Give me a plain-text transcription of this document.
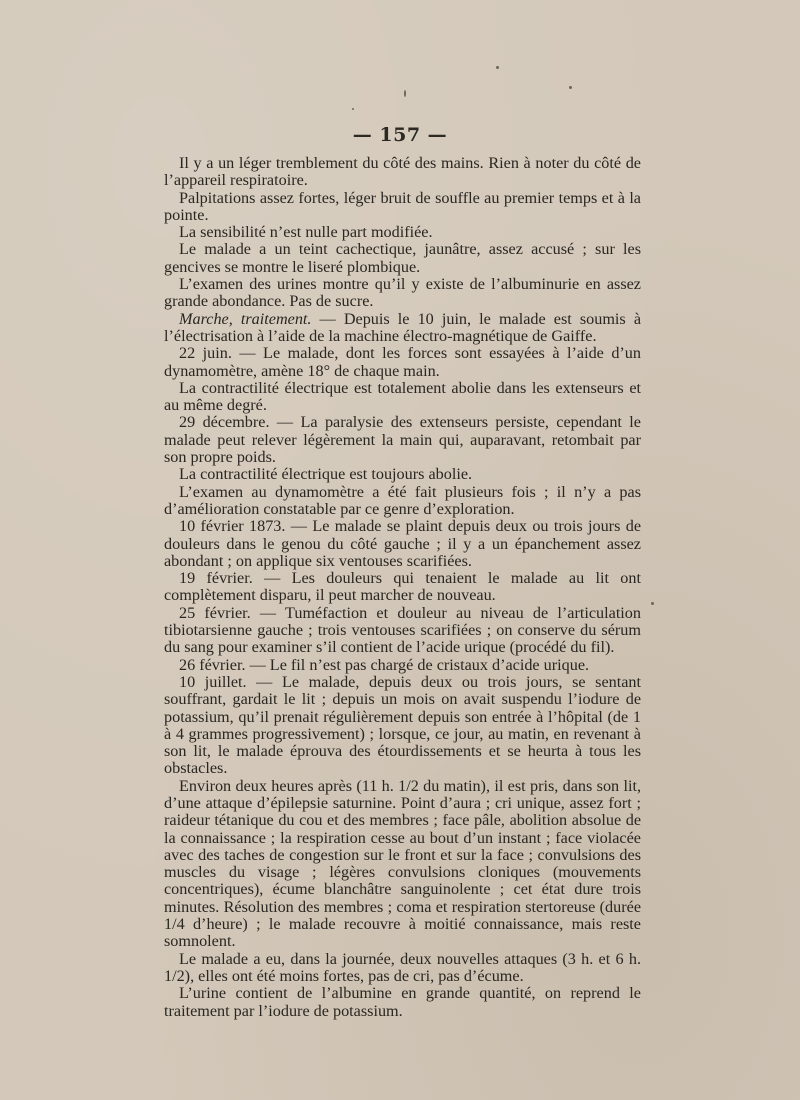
— 157 —

Il y a un léger tremblement du côté des mains. Rien à noter du côté de l’appareil respiratoire.

Palpitations assez fortes, léger bruit de souffle au premier temps et à la pointe.

La sensibilité n’est nulle part modifiée.

Le malade a un teint cachectique, jaunâtre, assez accusé ; sur les gencives se montre le liseré plombique.

L’examen des urines montre qu’il y existe de l’albuminurie en assez grande abondance. Pas de sucre.

Marche, traitement. — Depuis le 10 juin, le malade est soumis à l’électrisation à l’aide de la machine électro-magnétique de Gaiffe.

22 juin. — Le malade, dont les forces sont essayées à l’aide d’un dynamomètre, amène 18° de chaque main.

La contractilité électrique est totalement abolie dans les extenseurs et au même degré.

29 décembre. — La paralysie des extenseurs persiste, cependant le malade peut relever légèrement la main qui, auparavant, retombait par son propre poids.

La contractilité électrique est toujours abolie.

L’examen au dynamomètre a été fait plusieurs fois ; il n’y a pas d’amélioration constatable par ce genre d’exploration.

10 février 1873. — Le malade se plaint depuis deux ou trois jours de douleurs dans le genou du côté gauche ; il y a un épanchement assez abondant ; on applique six ventouses scarifiées.

19 février. — Les douleurs qui tenaient le malade au lit ont complètement disparu, il peut marcher de nouveau.

25 février. — Tuméfaction et douleur au niveau de l’articulation tibiotarsienne gauche ; trois ventouses scarifiées ; on conserve du sérum du sang pour examiner s’il contient de l’acide urique (procédé du fil).

26 février. — Le fil n’est pas chargé de cristaux d’acide urique.

10 juillet. — Le malade, depuis deux ou trois jours, se sentant souffrant, gardait le lit ; depuis un mois on avait suspendu l’iodure de potassium, qu’il prenait régulièrement depuis son entrée à l’hôpital (de 1 à 4 grammes progressivement) ; lorsque, ce jour, au matin, en revenant à son lit, le malade éprouva des étourdissements et se heurta à tous les obstacles.

Environ deux heures après (11 h. 1/2 du matin), il est pris, dans son lit, d’une attaque d’épilepsie saturnine. Point d’aura ; cri unique, assez fort ; raideur tétanique du cou et des membres ; face pâle, abolition absolue de la connaissance ; la respiration cesse au bout d’un instant ; face violacée avec des taches de congestion sur le front et sur la face ; convulsions des muscles du visage ; légères convulsions cloniques (mouvements concentriques), écume blanchâtre sanguinolente ; cet état dure trois minutes. Résolution des membres ; coma et respiration stertoreuse (durée 1/4 d’heure) ; le malade recouvre à moitié connaissance, mais reste somnolent.

Le malade a eu, dans la journée, deux nouvelles attaques (3 h. et 6 h. 1/2), elles ont été moins fortes, pas de cri, pas d’écume.

L’urine contient de l’albumine en grande quantité, on reprend le traitement par l’iodure de potassium.
